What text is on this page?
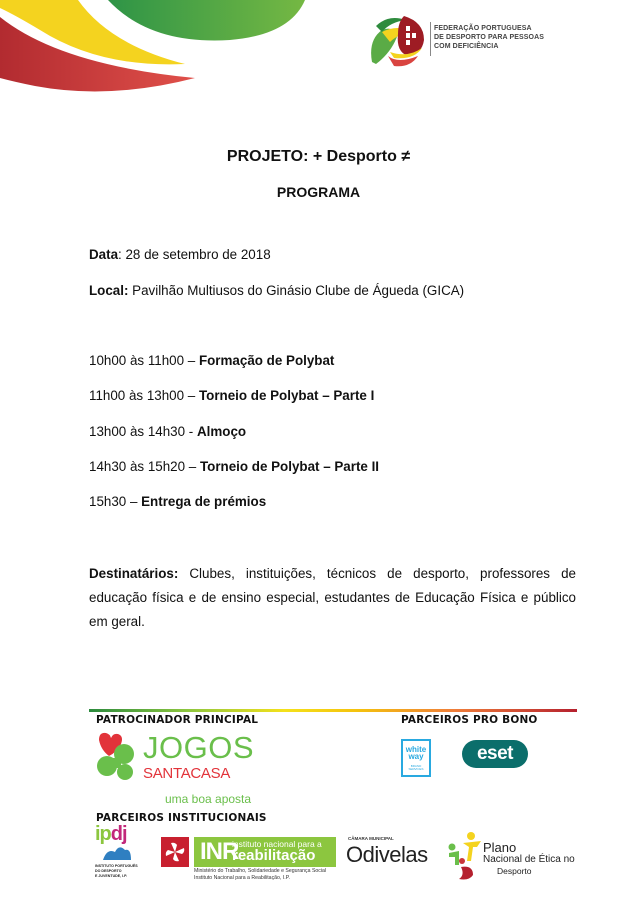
FEDERAÇÃO PORTUGUESA
DE DESPORTO PARA PESSOAS
COM DEFICIÊNCIA
PROJETO: + Desporto ≠
PROGRAMA
Data: 28 de setembro de 2018
Local: Pavilhão Multiusos do Ginásio Clube de Águeda (GICA)
10h00 às 11h00 – Formação de Polybat
11h00 às 13h00 – Torneio de Polybat – Parte I
13h00 às 14h30 - Almoço
14h30 às 15h20 – Torneio de Polybat – Parte II
15h30 – Entrega de prémios
Destinatários: Clubes, instituições, técnicos de desporto, professores de educação física e de ensino especial, estudantes de Educação Física e público em geral.
PATROCINADOR PRINCIPAL	PARCEIROS PRO BONO
JOGOS
SANTACASA
uma boa aposta
white
way
BRAND SERVICES
eset
PARCEIROS INSTITUCIONAIS
ipdj
INSTITUTO PORTUGUÊS
DO DESPORTO
E JUVENTUDE, I.P.
INR
instituto nacional para a
reabilitação
Ministério do Trabalho, Solidariedade e Segurança Social
Instituto Nacional para a Reabilitação, I.P.
CÂMARA MUNICIPAL
Odivelas	Plano
Nacional de Ética no
Desporto
